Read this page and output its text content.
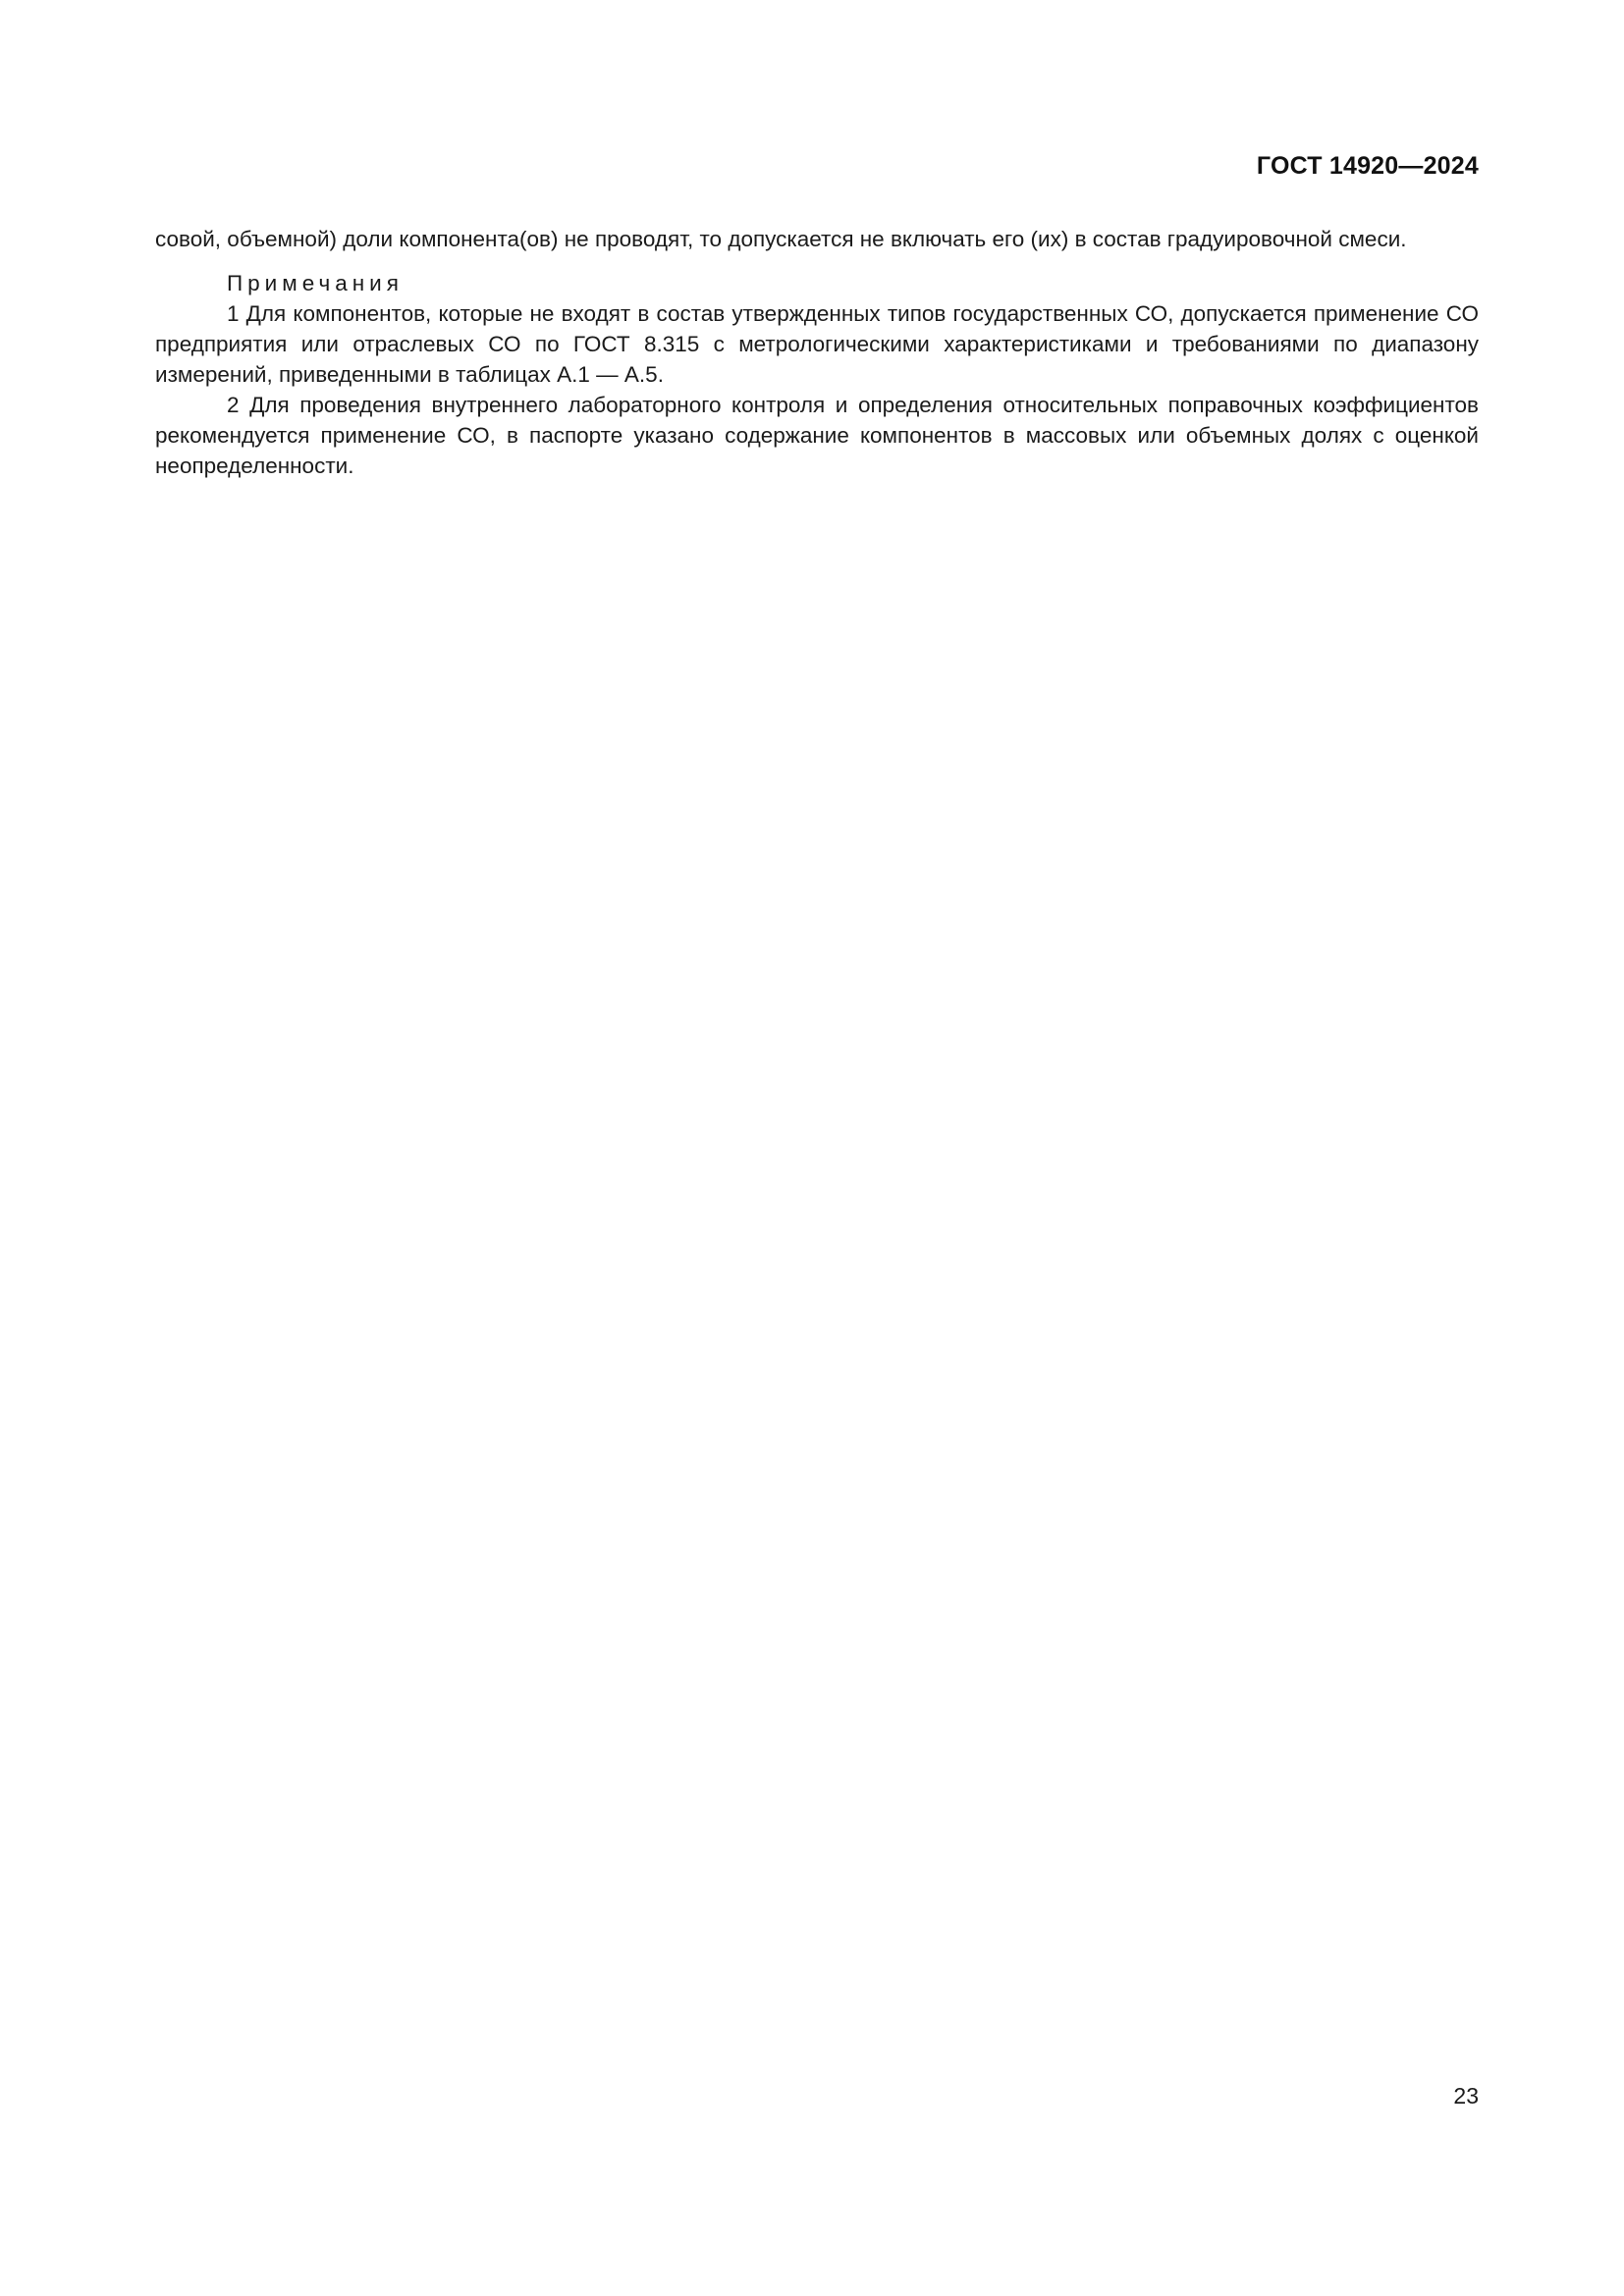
ГОСТ 14920—2024

совой, объемной) доли компонента(ов) не проводят, то допускается не включать его (их) в состав градуировочной смеси.

Примечания

1 Для компонентов, которые не входят в состав утвержденных типов государственных СО, допускается применение СО предприятия или отраслевых СО по ГОСТ 8.315 с метрологическими характеристиками и требованиями по диапазону измерений, приведенными в таблицах А.1 — А.5.

2 Для проведения внутреннего лабораторного контроля и определения относительных поправочных коэффициентов рекомендуется применение СО, в паспорте указано содержание компонентов в массовых или объемных долях с оценкой неопределенности.

23
